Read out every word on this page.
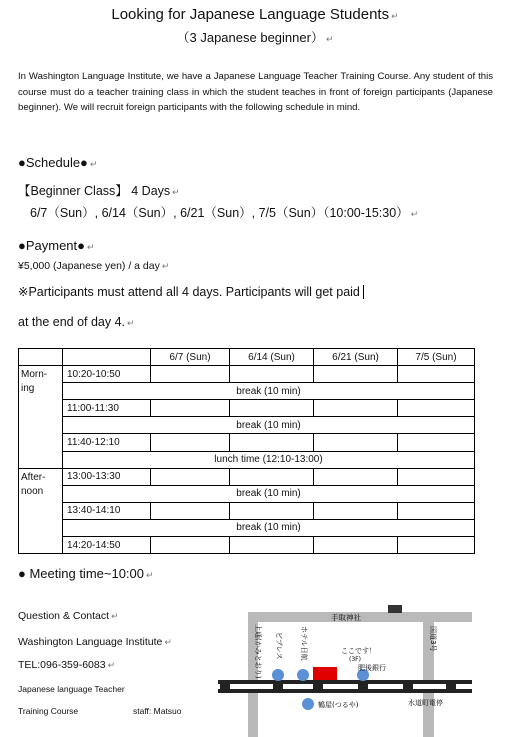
Looking for Japanese Language Students ↵
（3 Japanese beginner） ↵
In Washington Language Institute, we have a Japanese Language Teacher Training Course. Any student of this course must do a teacher training class in which the student teaches in front of foreign participants (Japanese beginner). We will recruit foreign participants with the following schedule in mind.
●Schedule● ↵
【Beginner Class】 4 Days ↵
6/7（Sun）, 6/14（Sun）, 6/21（Sun）, 7/5（Sun）（10:00-15:30） ↵
●Payment● ↵
¥5,000 (Japanese yen) / a day ↵
※Participants must attend all 4 days. Participants will get paid
at the end of day 4. ↵
		6/7 (Sun)	6/14 (Sun)	6/21 (Sun)	7/5 (Sun)
Morn-ing	10:20-10:50				
	break (10 min)				
	11:00-11:30				
	break (10 min)				
	11:40-12:10				
	lunch time (12:10-13:00)				
After-noon	13:00-13:30				
	break (10 min)				
	13:40-14:10				
	break (10 min)				
	14:20-14:50				
● Meeting time~10:00 ↵
Question & Contact ↵
Washington Language Institute ↵
TEL:096-359-6083 ↵
Japanese language Teacher
Training Course	staff: Matsuo
手取神社
水道町電停
鶴屋(つるや)
ここです！
(3F)
肥後銀行
上通(かみとおり) ビプレス ホテル日航	国道3号
